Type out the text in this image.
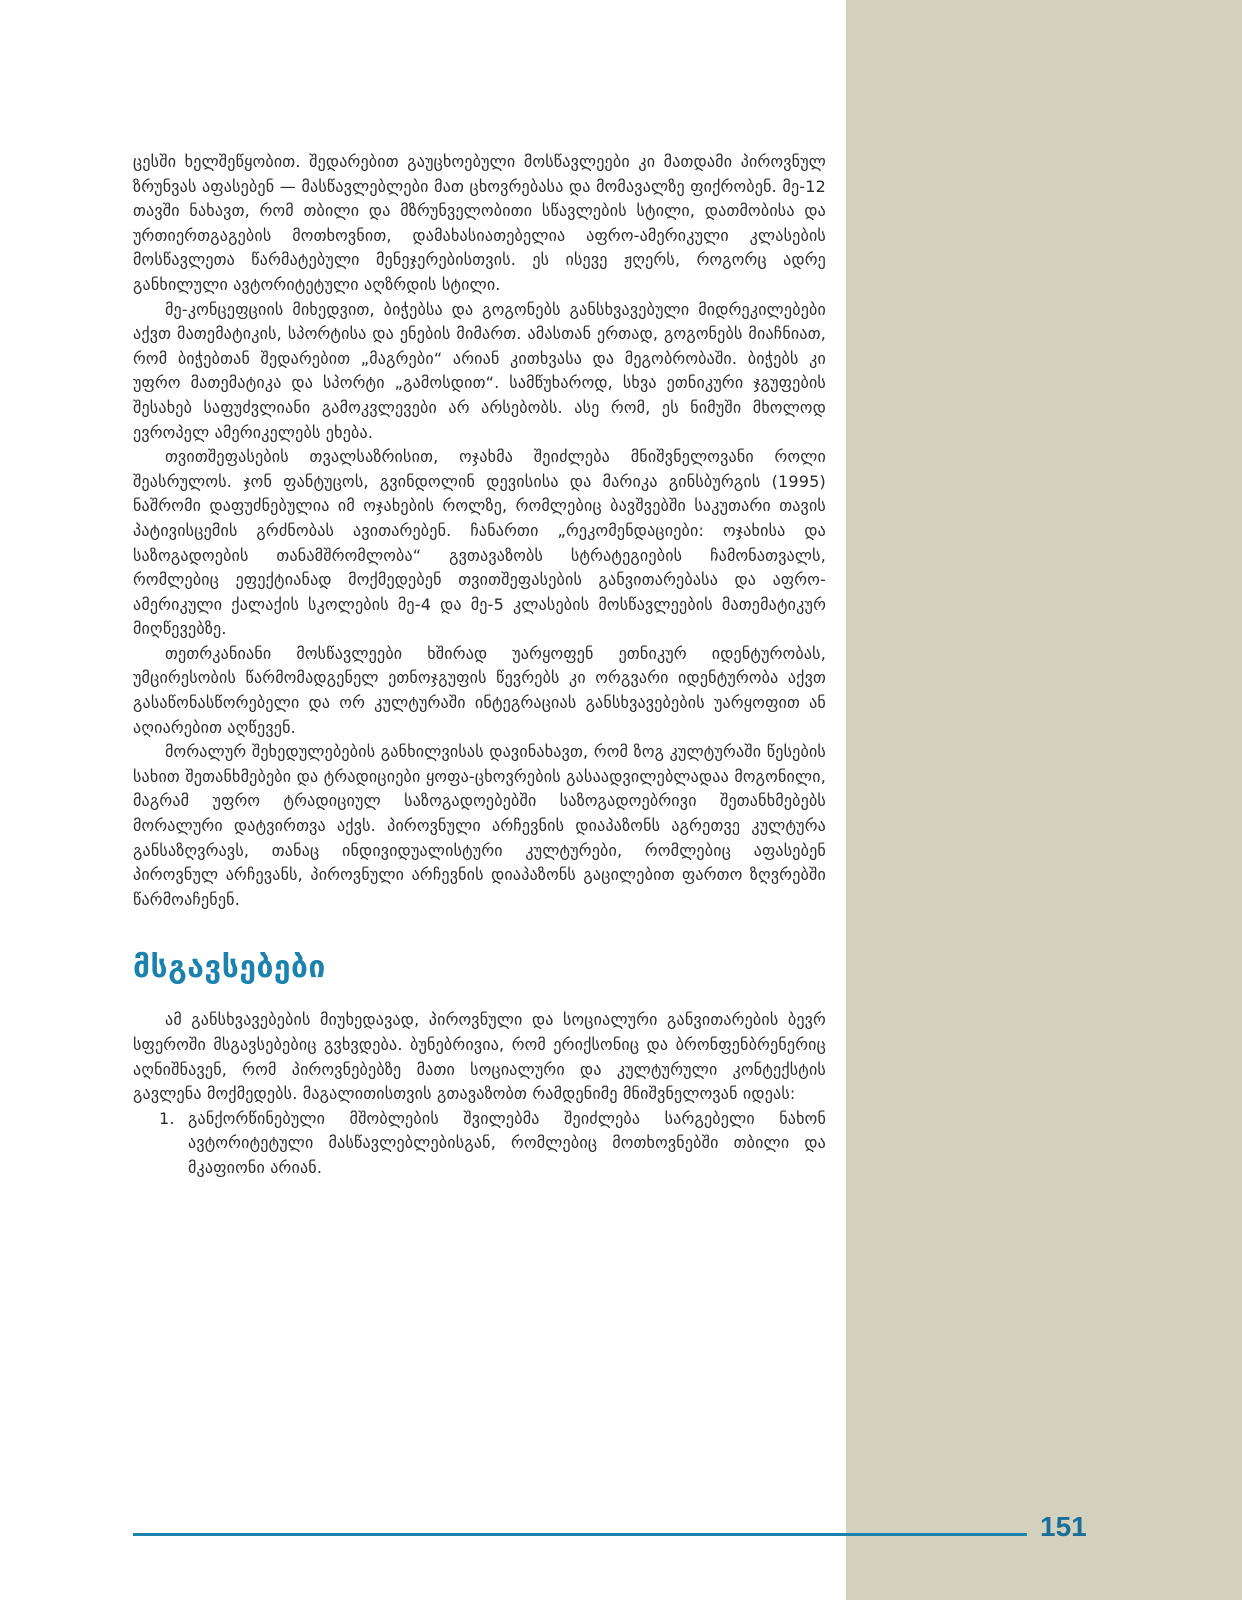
ცესში ხელშეწყობით. შედარებით გაუცხოებული მოსწავლეები კი მათდამი პიროვნულ ზრუნვას აფასებენ — მასწავლებლები მათ ცხოვრებასა და მომავალზე ფიქრობენ. მე-12 თავში ნახავთ, რომ თბილი და მზრუნველობითი სწავლების სტილი, დათმობისა და ურთიერთგაგების მოთხოვნით, დამახასიათებელია აფრო-ამერიკული კლასების მოსწავლეთა წარმატებული მენეჯერებისთვის. ეს ისევე ჟღერს, როგორც ადრე განხილული ავტორიტეტული აღზრდის სტილი.

მე-კონცეფციის მიხედვით, ბიჭებსა და გოგონებს განსხვავებული მიდრეკილებები აქვთ მათემატიკის, სპორტისა და ენების მიმართ. ამასთან ერთად, გოგონებს მიაჩნიათ, რომ ბიჭებთან შედარებით „მაგრები“ არიან კითხვასა და მეგობრობაში. ბიჭებს კი უფრო მათემატიკა და სპორტი „გამოსდით“. სამწუხაროდ, სხვა ეთნიკური ჯგუფების შესახებ საფუძვლიანი გამოკვლევები არ არსებობს. ასე რომ, ეს ნიმუში მხოლოდ ევროპელ ამერიკელებს ეხება.

თვითშეფასების თვალსაზრისით, ოჯახმა შეიძლება მნიშვნელოვანი როლი შეასრულოს. ჯონ ფანტუცოს, გვინდოლინ დევისისა და მარიკა გინსბურგის (1995) ნაშრომი დაფუძნებულია იმ ოჯახების როლზე, რომლებიც ბავშვებში საკუთარი თავის პატივისცემის გრძნობას ავითარებენ. ჩანართი „რეკომენდაციები: ოჯახისა და საზოგადოების თანამშრომლობა“ გვთავაზობს სტრატეგიების ჩამონათვალს, რომლებიც ეფექტიანად მოქმედებენ თვითშეფასების განვითარებასა და აფრო-ამერიკული ქალაქის სკოლების მე-4 და მე-5 კლასების მოსწავლეების მათემატიკურ მიღწევებზე.

თეთრკანიანი მოსწავლეები ხშირად უარყოფენ ეთნიკურ იდენტურობას, უმცირესობის წარმომადგენელ ეთნოჯგუფის წევრებს კი ორგვარი იდენტურობა აქვთ გასაწონასწორებელი და ორ კულტურაში ინტეგრაციას განსხვავებების უარყოფით ან აღიარებით აღწევენ.

მორალურ შეხედულებების განხილვისას დავინახავთ, რომ ზოგ კულტურაში წესების სახით შეთანხმებები და ტრადიციები ყოფა-ცხოვრების გასაადვილებლადაა მოგონილი, მაგრამ უფრო ტრადიციულ საზოგადოებებში საზოგადოებრივი შეთანხმებებს მორალური დატვირთვა აქვს. პიროვნული არჩევნის დიაპაზონს აგრეთვე კულტურა განსაზღვრავს, თანაც ინდივიდუალისტური კულტურები, რომლებიც აფასებენ პიროვნულ არჩევანს, პიროვნული არჩევნის დიაპაზონს გაცილებით ფართო ზღვრებში წარმოაჩენენ.

მსგავსებები

ამ განსხვავებების მიუხედავად, პიროვნული და სოციალური განვითარების ბევრ სფეროში მსგავსებებიც გვხვდება. ბუნებრივია, რომ ერიქსონიც და ბრონფენბრენერიც აღნიშნავენ, რომ პიროვნებებზე მათი სოციალური და კულტურული კონტექსტის გავლენა მოქმედებს. მაგალითისთვის გთავაზობთ რამდენიმე მნიშვნელოვან იდეას:

1. განქორწინებული მშობლების შვილებმა შეიძლება სარგებელი ნახონ ავტორიტეტული მასწავლებლებისგან, რომლებიც მოთხოვნებში თბილი და მკაფიონი არიან.
151
